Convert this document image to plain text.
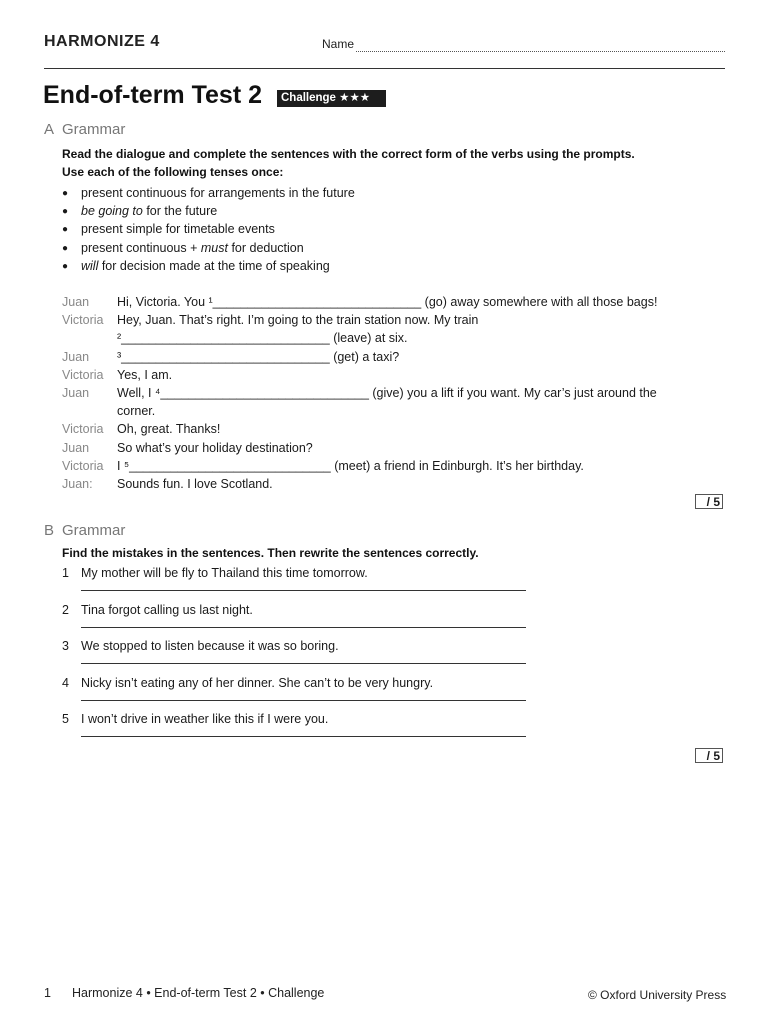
HARMONIZE 4	Name
End-of-term Test 2	Challenge ★★★
A Grammar
Read the dialogue and complete the sentences with the correct form of the verbs using the prompts.
Use each of the following tenses once:
● present continuous for arrangements in the future
● be going to for the future
● present simple for timetable events
● present continuous + must for deduction
● will for decision made at the time of speaking
Juan	Hi, Victoria. You ¹______________________________ (go) away somewhere with all those bags!
Victoria	Hey, Juan. That’s right. I’m going to the train station now. My train
²______________________________ (leave) at six.
Juan	³______________________________ (get) a taxi?
Victoria	Yes, I am.
Juan	Well, I ⁴______________________________ (give) you a lift if you want. My car’s just around the
corner.
Victoria	Oh, great. Thanks!
Juan	So what’s your holiday destination?
Victoria	I ⁵_____________________________ (meet) a friend in Edinburgh. It’s her birthday.
Juan:	Sounds fun. I love Scotland.
/ 5
B Grammar
Find the mistakes in the sentences. Then rewrite the sentences correctly.
1 My mother will be fly to Thailand this time tomorrow.
2 Tina forgot calling us last night.
3 We stopped to listen because it was so boring.
4 Nicky isn’t eating any of her dinner. She can’t to be very hungry.
5 I won’t drive in weather like this if I were you.
/ 5
1 Harmonize 4 • End-of-term Test 2 • Challenge	© Oxford University Press
